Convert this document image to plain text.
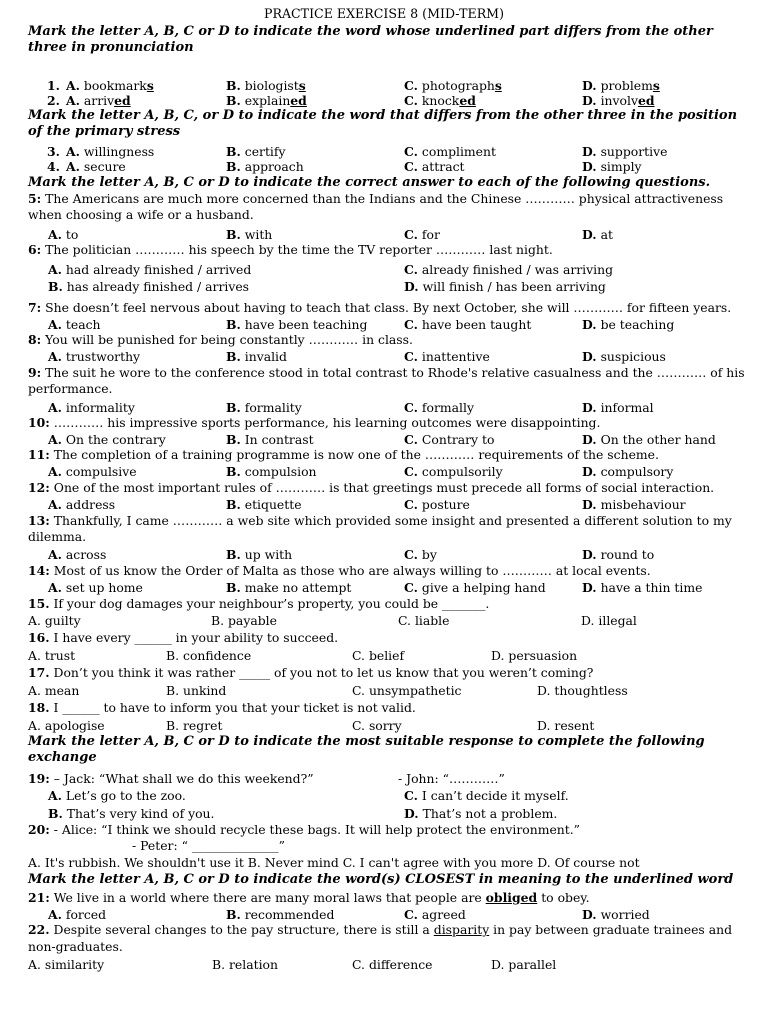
PRACTICE EXERCISE 8 (MID-TERM)
Mark the letter A, B, C or D to indicate the word whose underlined part differs from the other three in pronunciation
1. A. bookmarks	B. biologists	C. photographs	D. problems
2. A. arrived	B. explained	C. knocked	D. involved
Mark the letter A, B, C, or D to indicate the word that differs from the other three in the position of the primary stress
3. A. willingness	B. certify	C. compliment	D. supportive
4. A. secure	B. approach	C. attract	D. simply
Mark the letter A, B, C or D to indicate the correct answer to each of the following questions.
5: The Americans are much more concerned than the Indians and the Chinese ………… physical attractiveness
when choosing a wife or a husband.
A. to	B. with	C. for	D. at
6: The politician ………… his speech by the time the TV reporter ………… last night.
A. had already finished / arrived	C. already finished / was arriving
B. has already finished / arrives	D. will finish / has been arriving
7: She doesn’t feel nervous about having to teach that class. By next October, she will ………… for fifteen years.
A. teach	B. have been teaching	C. have been taught	D. be teaching
8: You will be punished for being constantly ………… in class.
A. trustworthy	B. invalid	C. inattentive	D. suspicious
9: The suit he wore to the conference stood in total contrast to Rhode's relative casualness and the ………… of his
performance.
A. informality	B. formality	C. formally	D. informal
10: ………… his impressive sports performance, his learning outcomes were disappointing.
A. On the contrary	B. In contrast	C. Contrary to	D. On the other hand
11: The completion of a training programme is now one of the ………… requirements of the scheme.
A. compulsive	B. compulsion	C. compulsorily	D. compulsory
12: One of the most important rules of ………… is that greetings must precede all forms of social interaction.
A. address	B. etiquette	C. posture	D. misbehaviour
13: Thankfully, I came ………… a web site which provided some insight and presented a different solution to my
dilemma.
A. across	B. up with	C. by	D. round to
14: Most of us know the Order of Malta as those who are always willing to ………… at local events.
A. set up home	B. make no attempt	C. give a helping hand	D. have a thin time
15. If your dog damages your neighbour’s property, you could be _______.
A. guilty	B. payable	C. liable	D. illegal
16. I have every ______ in your ability to succeed.
A. trust	B. confidence	C. belief	D. persuasion
17. Don’t you think it was rather _____ of you not to let us know that you weren’t coming?
A. mean	B. unkind	C. unsympathetic	D. thoughtless
18. I ______ to have to inform you that your ticket is not valid.
A. apologise	B. regret	C. sorry	D. resent
Mark the letter A, B, C or D to indicate the most suitable response to complete the following exchange
19: – Jack: “What shall we do this weekend?”	- John: “…………”
A. Let’s go to the zoo.	C. I can’t decide it myself.
B. That’s very kind of you.	D. That’s not a problem.
20: - Alice: “I think we should recycle these bags. It will help protect the environment.”
- Peter: “ ______________”
A. It's rubbish. We shouldn't use it B. Never mind C. I can't agree with you more D. Of course not
Mark the letter A, B, C or D to indicate the word(s) CLOSEST in meaning to the underlined word
21: We live in a world where there are many moral laws that people are obliged to obey.
A. forced	B. recommended	C. agreed	D. worried
22. Despite several changes to the pay structure, there is still a disparity in pay between graduate trainees and
non-graduates.
A. similarity	B. relation	C. difference	D. parallel
